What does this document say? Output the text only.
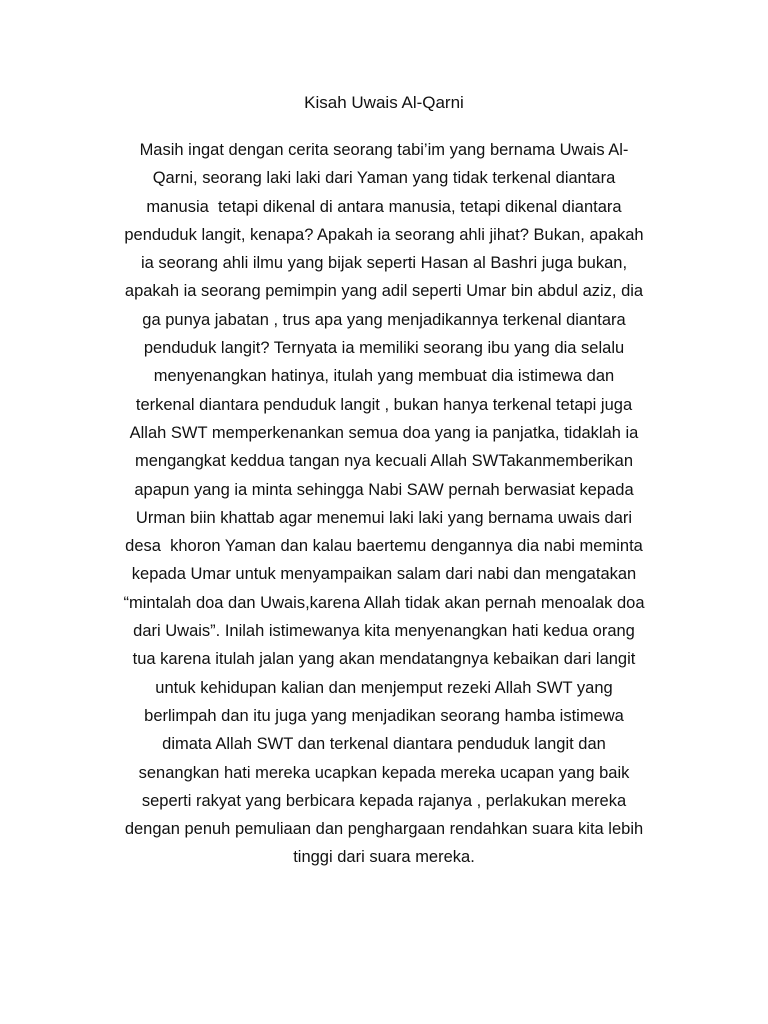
Kisah Uwais Al-Qarni
Masih ingat dengan cerita seorang tabi’im yang bernama Uwais Al-
Qarni, seorang laki laki dari Yaman yang tidak terkenal diantara
manusia  tetapi dikenal di antara manusia, tetapi dikenal diantara
penduduk langit, kenapa? Apakah ia seorang ahli jihat? Bukan, apakah
ia seorang ahli ilmu yang bijak seperti Hasan al Bashri juga bukan,
apakah ia seorang pemimpin yang adil seperti Umar bin abdul aziz, dia
ga punya jabatan , trus apa yang menjadikannya terkenal diantara
penduduk langit? Ternyata ia memiliki seorang ibu yang dia selalu
menyenangkan hatinya, itulah yang membuat dia istimewa dan
terkenal diantara penduduk langit , bukan hanya terkenal tetapi juga
Allah SWT memperkenankan semua doa yang ia panjatka, tidaklah ia
mengangkat keddua tangan nya kecuali Allah SWTakanmemberikan
apapun yang ia minta sehingga Nabi SAW pernah berwasiat kepada
Urman biin khattab agar menemui laki laki yang bernama uwais dari
desa  khoron Yaman dan kalau baertemu dengannya dia nabi meminta
kepada Umar untuk menyampaikan salam dari nabi dan mengatakan
“mintalah doa dan Uwais,karena Allah tidak akan pernah menoalak doa
dari Uwais”. Inilah istimewanya kita menyenangkan hati kedua orang
tua karena itulah jalan yang akan mendatangnya kebaikan dari langit
untuk kehidupan kalian dan menjemput rezeki Allah SWT yang
berlimpah dan itu juga yang menjadikan seorang hamba istimewa
dimata Allah SWT dan terkenal diantara penduduk langit dan
senangkan hati mereka ucapkan kepada mereka ucapan yang baik
seperti rakyat yang berbicara kepada rajanya , perlakukan mereka
dengan penuh pemuliaan dan penghargaan rendahkan suara kita lebih
tinggi dari suara mereka.
